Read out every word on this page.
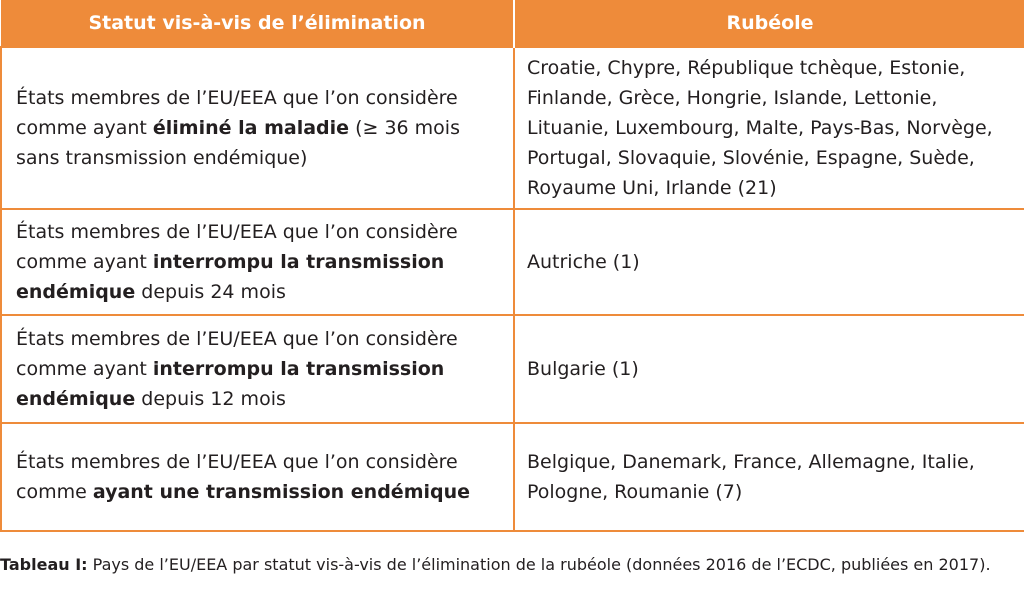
Statut vis-à-vis de l’élimination	Rubéole
États membres de l’EU/EEA que l’on considère comme ayant éliminé la maladie (≥ 36 mois sans transmission endémique)	Croatie, Chypre, République tchèque, Estonie, Finlande, Grèce, Hongrie, Islande, Lettonie, Lituanie, Luxembourg, Malte, Pays-Bas, Norvège, Portugal, Slovaquie, Slovénie, Espagne, Suède, Royaume Uni, Irlande (21)
États membres de l’EU/EEA que l’on considère comme ayant interrompu la transmission endémique depuis 24 mois	Autriche (1)
États membres de l’EU/EEA que l’on considère comme ayant interrompu la transmission endémique depuis 12 mois	Bulgarie (1)
États membres de l’EU/EEA que l’on considère comme ayant une transmission endémique	Belgique, Danemark, France, Allemagne, Italie, Pologne, Roumanie (7)
Tableau I: Pays de l’EU/EEA par statut vis-à-vis de l’élimination de la rubéole (données 2016 de l’ECDC, publiées en 2017).
